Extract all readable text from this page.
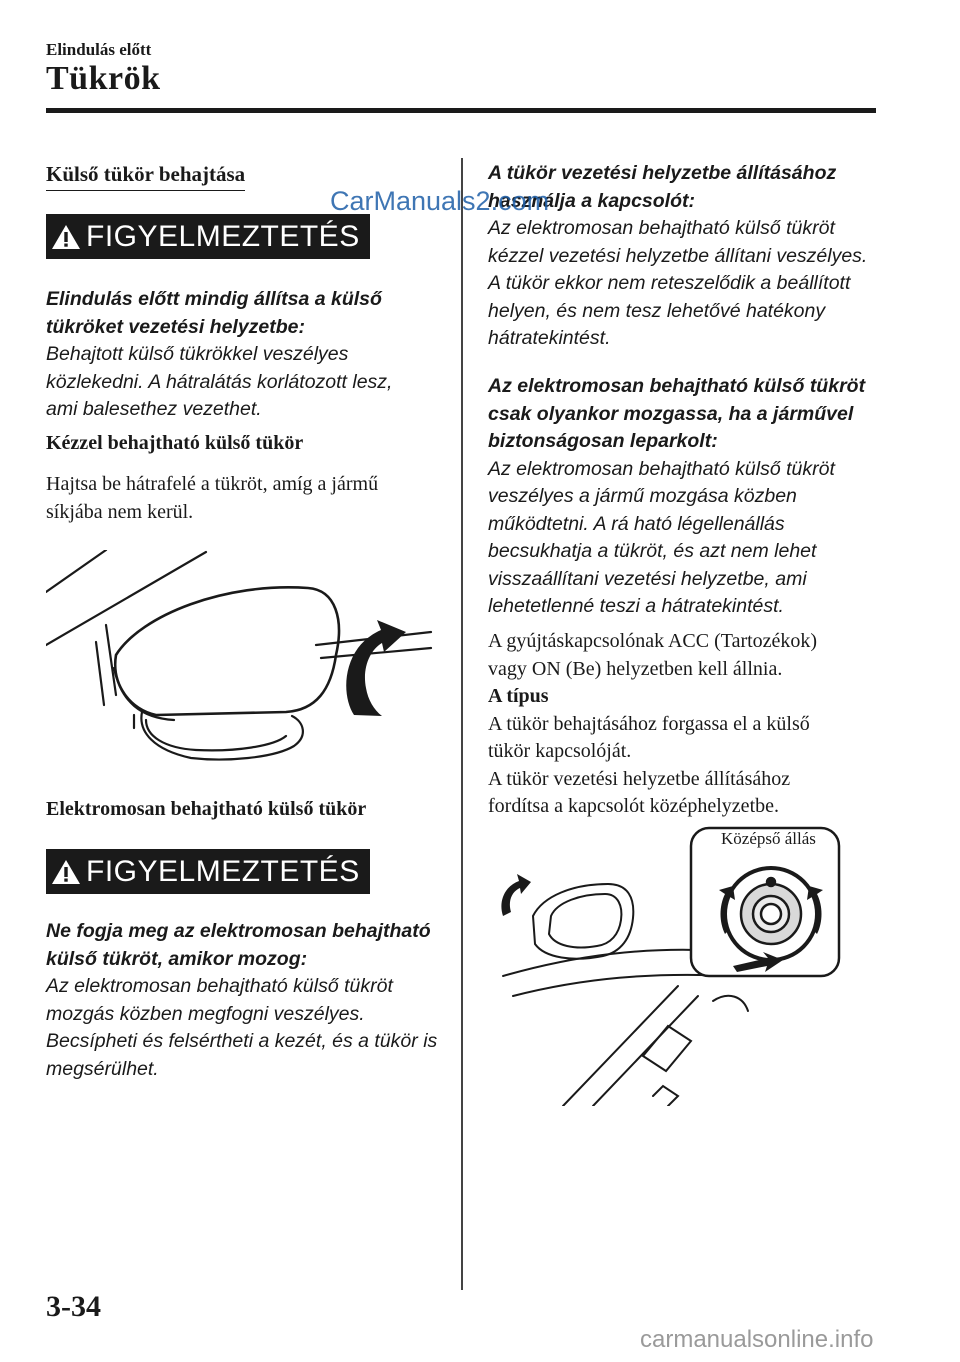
Elindulás előtt
Tükrök
Külső tükör behajtása
FIGYELMEZTETÉS
Elindulás előtt mindig állítsa a külső
tükröket vezetési helyzetbe:
Behajtott külső tükrökkel veszélyes
közlekedni. A hátralátás korlátozott lesz,
ami balesethez vezethet.
Kézzel behajtható külső tükör
Hajtsa be hátrafelé a tükröt, amíg a jármű
síkjába nem kerül.
Elektromosan behajtható külső tükör
FIGYELMEZTETÉS
Ne fogja meg az elektromosan behajtható
külső tükröt, amikor mozog:
Az elektromosan behajtható külső tükröt
mozgás közben megfogni veszélyes.
Becsípheti és felsértheti a kezét, és a tükör is
megsérülhet.
A tükör vezetési helyzetbe állításához
használja a kapcsolót:
Az elektromosan behajtható külső tükröt
kézzel vezetési helyzetbe állítani veszélyes.
A tükör ekkor nem reteszelődik a beállított
helyen, és nem tesz lehetővé hatékony
hátratekintést.
Az elektromosan behajtható külső tükröt
csak olyankor mozgassa, ha a járművel
biztonságosan leparkolt:
Az elektromosan behajtható külső tükröt
veszélyes a jármű mozgása közben
működtetni. A rá ható légellenállás
becsukhatja a tükröt, és azt nem lehet
visszaállítani vezetési helyzetbe, ami
lehetetlenné teszi a hátratekintést.
A gyújtáskapcsolónak ACC (Tartozékok)
vagy ON (Be) helyzetben kell állnia.
A típus
A tükör behajtásához forgassa el a külső
tükör kapcsolóját.
A tükör vezetési helyzetbe állításához
fordítsa a kapcsolót középhelyzetbe.
Középső állás
3-34
CarManuals2.com
carmanualsonline.info
